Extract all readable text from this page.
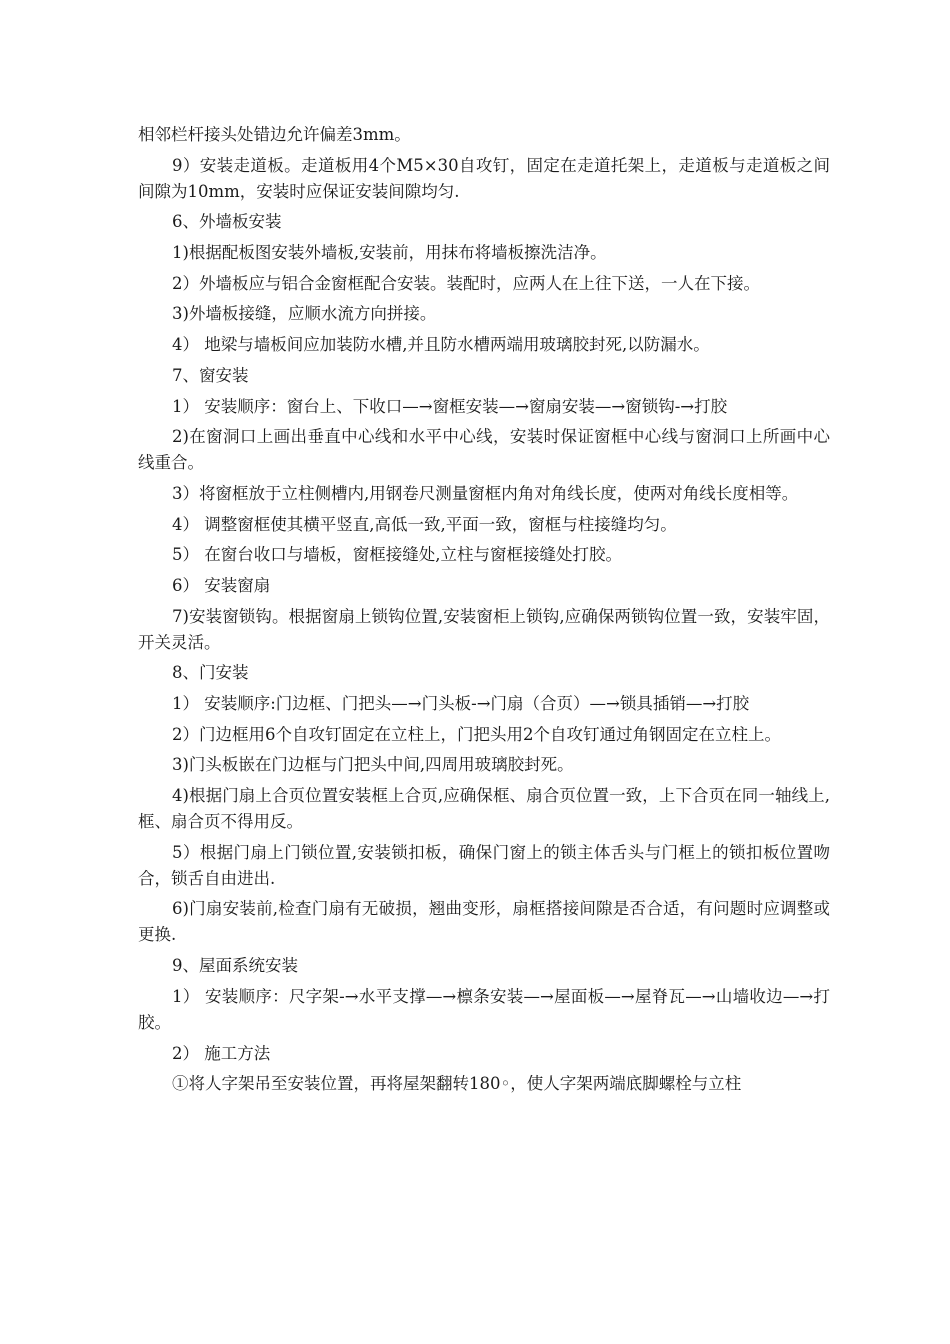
相邻栏杆接头处错边允许偏差3mm。

9）安装走道板。走道板用4个M5×30自攻钉，固定在走道托架上，走道板与走道板之间间隙为10mm，安装时应保证安装间隙均匀.

6、外墙板安装

1)根据配板图安装外墙板,安装前，用抹布将墙板擦洗洁净。

2）外墙板应与铝合金窗框配合安装。装配时，应两人在上往下送，一人在下接。

3)外墙板接缝，应顺水流方向拼接。

4） 地梁与墙板间应加装防水槽,并且防水槽两端用玻璃胶封死,以防漏水。

7、窗安装

1） 安装顺序：窗台上、下收口—→窗框安装—→窗扇安装—→窗锁钩-→打胶

2)在窗洞口上画出垂直中心线和水平中心线，安装时保证窗框中心线与窗洞口上所画中心线重合。

3）将窗框放于立柱侧槽内,用钢卷尺测量窗框内角对角线长度，使两对角线长度相等。

4） 调整窗框使其横平竖直,高低一致,平面一致，窗框与柱接缝均匀。

5） 在窗台收口与墙板，窗框接缝处,立柱与窗框接缝处打胶。

6） 安装窗扇

7)安装窗锁钩。根据窗扇上锁钩位置,安装窗柜上锁钩,应确保两锁钩位置一致，安装牢固，开关灵活。

8、门安装

1） 安装顺序:门边框、门把头—→门头板-→门扇（合页）—→锁具插销—→打胶

2）门边框用6个自攻钉固定在立柱上，门把头用2个自攻钉通过角钢固定在立柱上。

3)门头板嵌在门边框与门把头中间,四周用玻璃胶封死。

4)根据门扇上合页位置安装框上合页,应确保框、扇合页位置一致，上下合页在同一轴线上,框、扇合页不得用反。

5）根据门扇上门锁位置,安装锁扣板，确保门窗上的锁主体舌头与门框上的锁扣板位置吻合，锁舌自由进出.

6)门扇安装前,检查门扇有无破损，翘曲变形，扇框搭接间隙是否合适，有问题时应调整或更换.

9、屋面系统安装

1） 安装顺序：尺字架-→水平支撑—→檩条安装—→屋面板—→屋脊瓦—→山墙收边—→打胶。

2） 施工方法

①将人字架吊至安装位置，再将屋架翻转180◦，使人字架两端底脚螺栓与立柱
